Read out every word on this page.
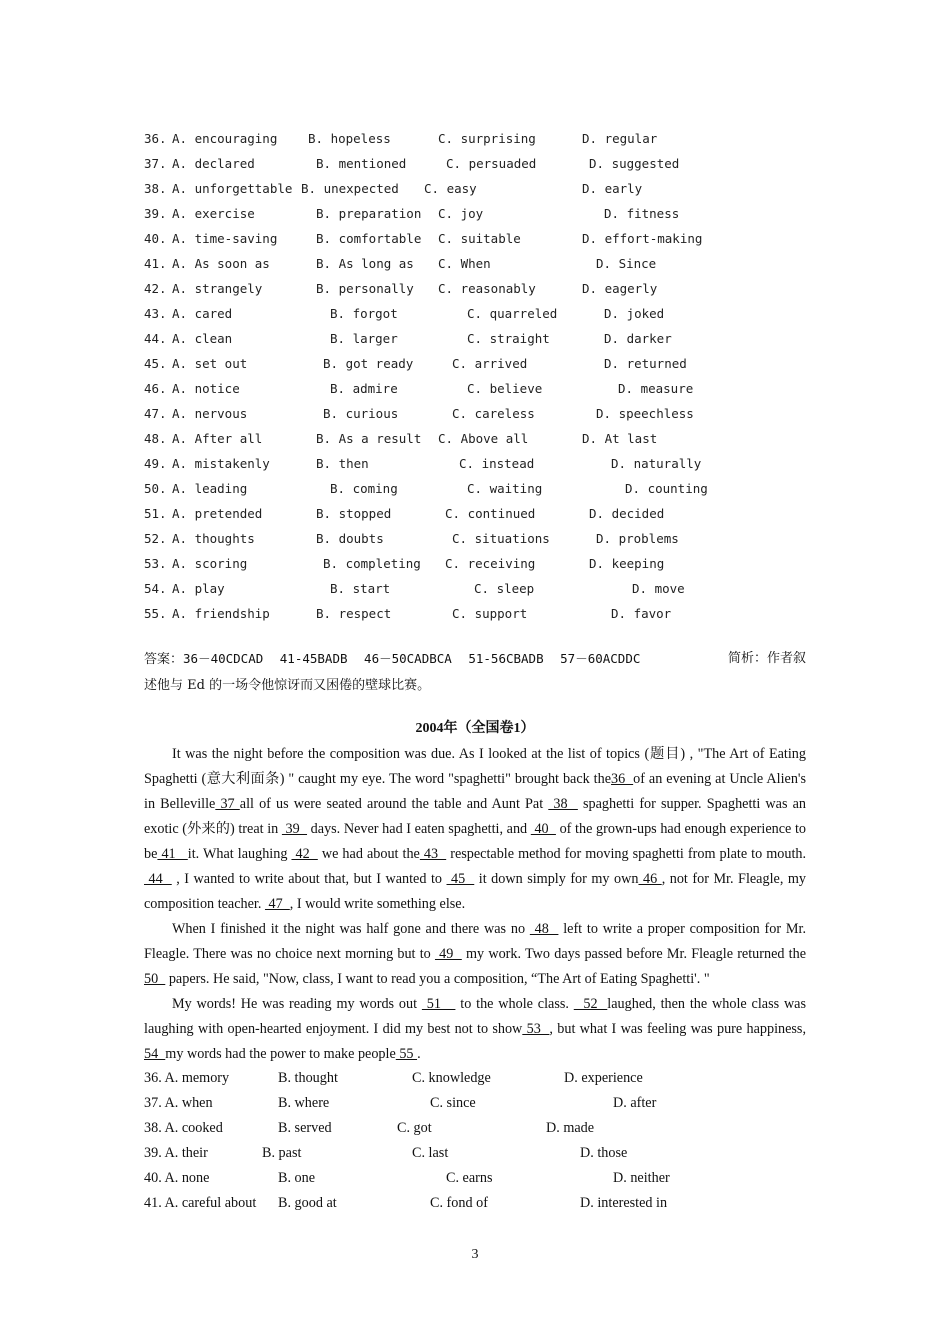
36. A. encouraging B. hopeless	C. surprising	D. regular
37. A. declared	B. mentioned	C. persuaded	D. suggested
38. A. unforgettable B. unexpected C. easy	D. early
39. A. exercise	B. preparation C. joy	D. fitness
40. A. time-saving	B. comfortable C. suitable	D. effort-making
41. A. As soon as	B. As long as C. When	D. Since
42. A. strangely	B. personally C. reasonably	D. eagerly
43. A. cared	B. forgot	C. quarreled	D. joked
44. A. clean	B. larger	C. straight	D. darker
45. A. set out	B. got ready	C. arrived	D. returned
46. A. notice	B. admire	C. believe	D. measure
47. A. nervous	B. curious	C. careless	D. speechless
48. A. After all	B. As a result C. Above all	D. At last
49. A. mistakenly	B. then	C. instead	D. naturally
50. A. leading	B. coming	C. waiting	D. counting
51. A. pretended	B. stopped	C. continued	D. decided
52. A. thoughts	B. doubts	C. situations	D. problems
53. A. scoring	B. completing C. receiving	D. keeping
54. A. play	B. start	C. sleep	D. move
55. A. friendship	B. respect	C. support	D. favor
答案：36－40CDCAD 41-45BADB 46－50CADBCA 51-56CBADB 57－60ACDDC	简析：作者叙
述他与 Ed 的一场令他惊讶而又困倦的壁球比赛。
2004年（全国卷1）

It was the night before the composition was due. As I looked at the list of topics (题目) , "The Art of Eating Spaghetti (意大利面条) " caught my eye. The word "spaghetti" brought back the36  of an evening at Uncle Alien's in Belleville 37 all of us were seated around the table and Aunt Pat  38   spaghetti for supper. Spaghetti was an exotic (外来的) treat in  39   days. Never had I eaten spaghetti, and  40   of the grown-ups had enough experience to be 41   it. What laughing  42   we had about the 43   respectable method for moving spaghetti from plate to mouth.  44   , I wanted to write about that, but I wanted to  45   it down simply for my own 46 , not for Mr. Fleagle, my composition teacher.  47  , I would write something else.

When I finished it the night was half gone and there was no  48   left to write a proper composition for Mr. Fleagle. There was no choice next morning but to  49   my work. Two days passed before Mr. Fleagle returned the 50   papers. He said, "Now, class, I want to read you a composition, “The Art of Eating Spaghetti'. "

My words! He was reading my words out  51    to the whole class.   52  laughed, then the whole class was laughing with open-hearted enjoyment. I did my best not to show 53  , but what I was feeling was pure happiness, 54  my words had the power to make people 55 .

36. A. memory	B. thought	C. knowledge	D. experience
37. A. when	B. where	C. since	D. after
38. A. cooked	B. served	C. got	D. made
39. A. their	B. past	C. last	D. those
40. A. none	B. one	C. earns	D. neither
41. A. careful about B. good at	C. fond of	D. interested in
3
